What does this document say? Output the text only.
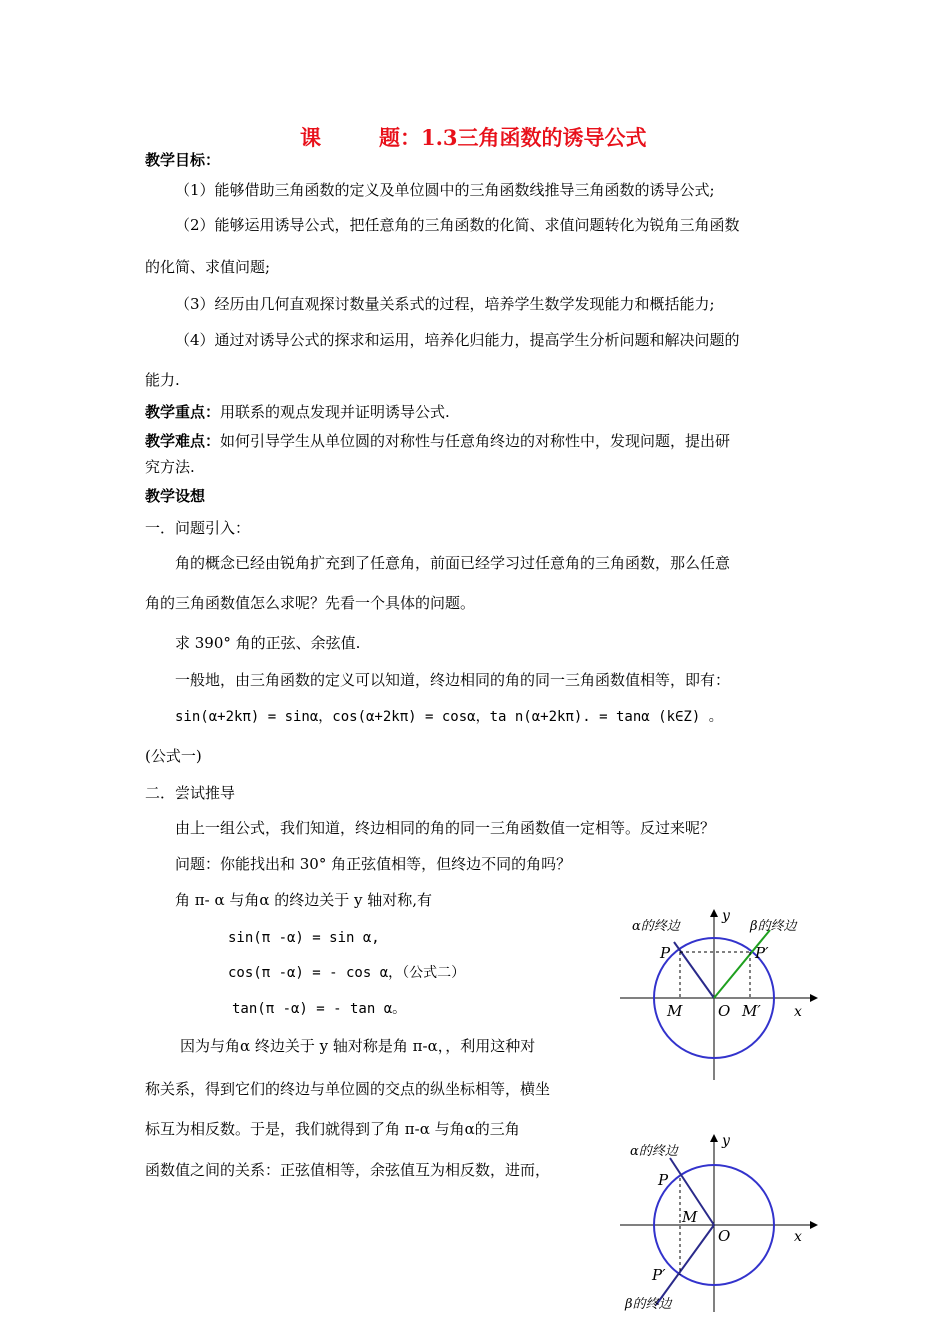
课	题：1.3三角函数的诱导公式
教学目标：
（1）能够借助三角函数的定义及单位圆中的三角函数线推导三角函数的诱导公式;
（2）能够运用诱导公式，把任意角的三角函数的化简、求值问题转化为锐角三角函数
的化简、求值问题;
（3）经历由几何直观探讨数量关系式的过程，培养学生数学发现能力和概括能力;
（4）通过对诱导公式的探求和运用，培养化归能力，提高学生分析问题和解决问题的
能力.
教学重点：用联系的观点发现并证明诱导公式.
教学难点：如何引导学生从单位圆的对称性与任意角终边的对称性中，发现问题，提出研
究方法.
教学设想
一．问题引入：
角的概念已经由锐角扩充到了任意角，前面已经学习过任意角的三角函数，那么任意
角的三角函数值怎么求呢？先看一个具体的问题。
求 390° 角的正弦、余弦值.
一般地，由三角函数的定义可以知道，终边相同的角的同一三角函数值相等，即有：
sin(α+2kπ) = sinα，cos(α+2kπ) = cosα，ta n(α+2kπ). = tanα (k∈Z) 。
(公式一)
二．尝试推导
由上一组公式，我们知道，终边相同的角的同一三角函数值一定相等。反过来呢？
问题：你能找出和 30° 角正弦值相等，但终边不同的角吗？
角 π- α 与角α 的终边关于 y 轴对称,有
sin(π -α) = sin α,
cos(π -α) = - cos α，（公式二）
tan(π -α) = - tan α。
因为与角α 终边关于 y 轴对称是角 π-α，，利用这种对
称关系，得到它们的终边与单位圆的交点的纵坐标相等，横坐
标互为相反数。于是，我们就得到了角 π-α 与角α的三角
函数值之间的关系：正弦值相等，余弦值互为相反数，进而，
α的终边	β的终边
y
x
P	P′
M O M′
α的终边
β的终边
y
x
P
M
O
P′
